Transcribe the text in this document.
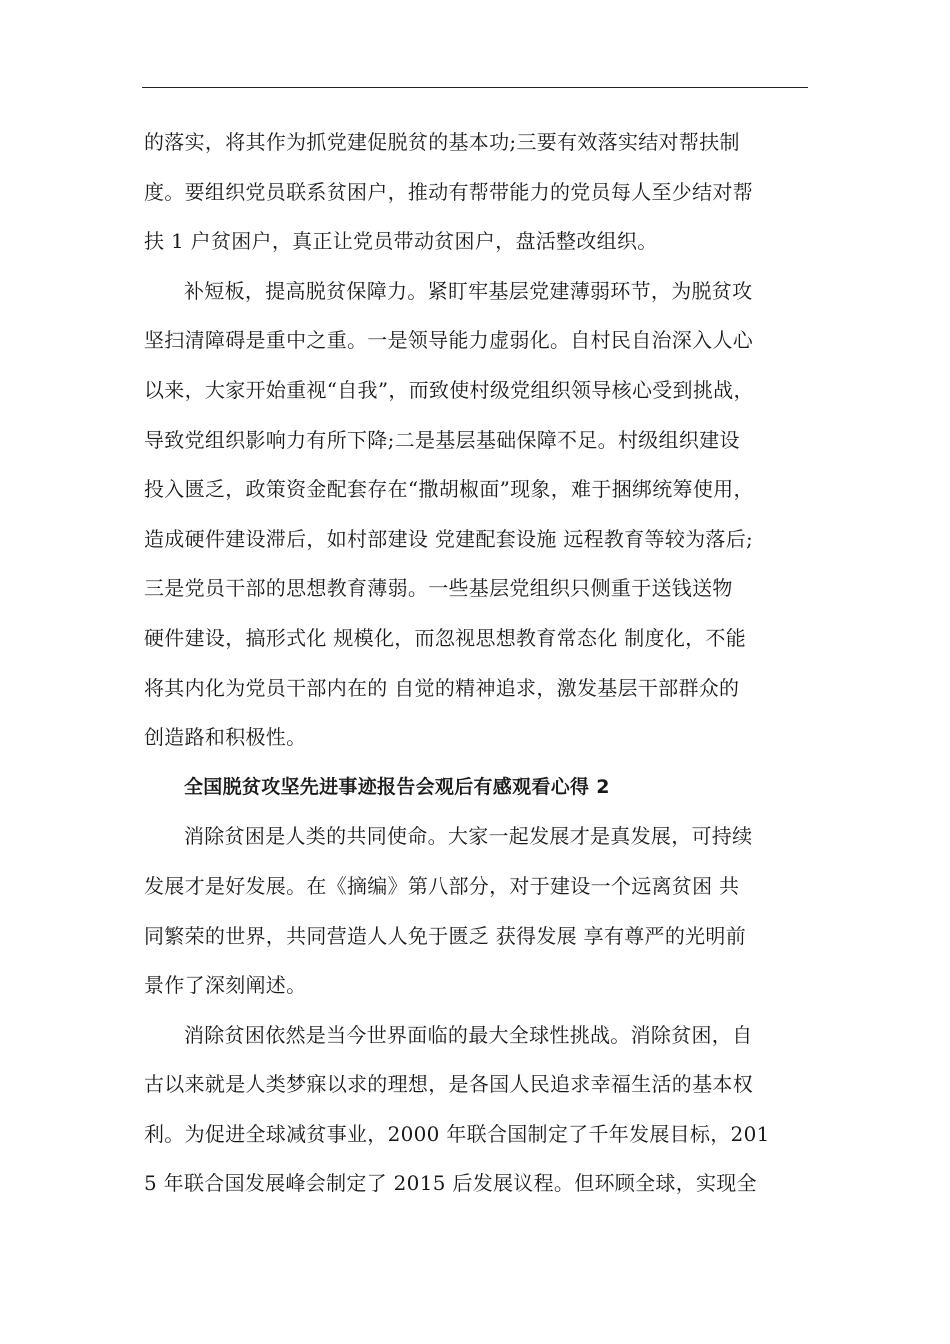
的落实，将其作为抓党建促脱贫的基本功;三要有效落实结对帮扶制
度。要组织党员联系贫困户，推动有帮带能力的党员每人至少结对帮
扶 1 户贫困户，真正让党员带动贫困户，盘活整改组织。
补短板，提高脱贫保障力。紧盯牢基层党建薄弱环节，为脱贫攻
坚扫清障碍是重中之重。一是领导能力虚弱化。自村民自治深入人心
以来，大家开始重视“自我”，而致使村级党组织领导核心受到挑战，
导致党组织影响力有所下降;二是基层基础保障不足。村级组织建设
投入匮乏，政策资金配套存在“撒胡椒面”现象，难于捆绑统筹使用，
造成硬件建设滞后，如村部建设 党建配套设施 远程教育等较为落后;
三是党员干部的思想教育薄弱。一些基层党组织只侧重于送钱送物
硬件建设，搞形式化 规模化，而忽视思想教育常态化 制度化，不能
将其内化为党员干部内在的 自觉的精神追求，激发基层干部群众的
创造路和积极性。
全国脱贫攻坚先进事迹报告会观后有感观看心得 2
消除贫困是人类的共同使命。大家一起发展才是真发展，可持续
发展才是好发展。在《摘编》第八部分，对于建设一个远离贫困 共
同繁荣的世界，共同营造人人免于匮乏 获得发展 享有尊严的光明前
景作了深刻阐述。
消除贫困依然是当今世界面临的最大全球性挑战。消除贫困，自
古以来就是人类梦寐以求的理想，是各国人民追求幸福生活的基本权
利。为促进全球减贫事业，2000 年联合国制定了千年发展目标，201
5 年联合国发展峰会制定了 2015 后发展议程。但环顾全球，实现全
